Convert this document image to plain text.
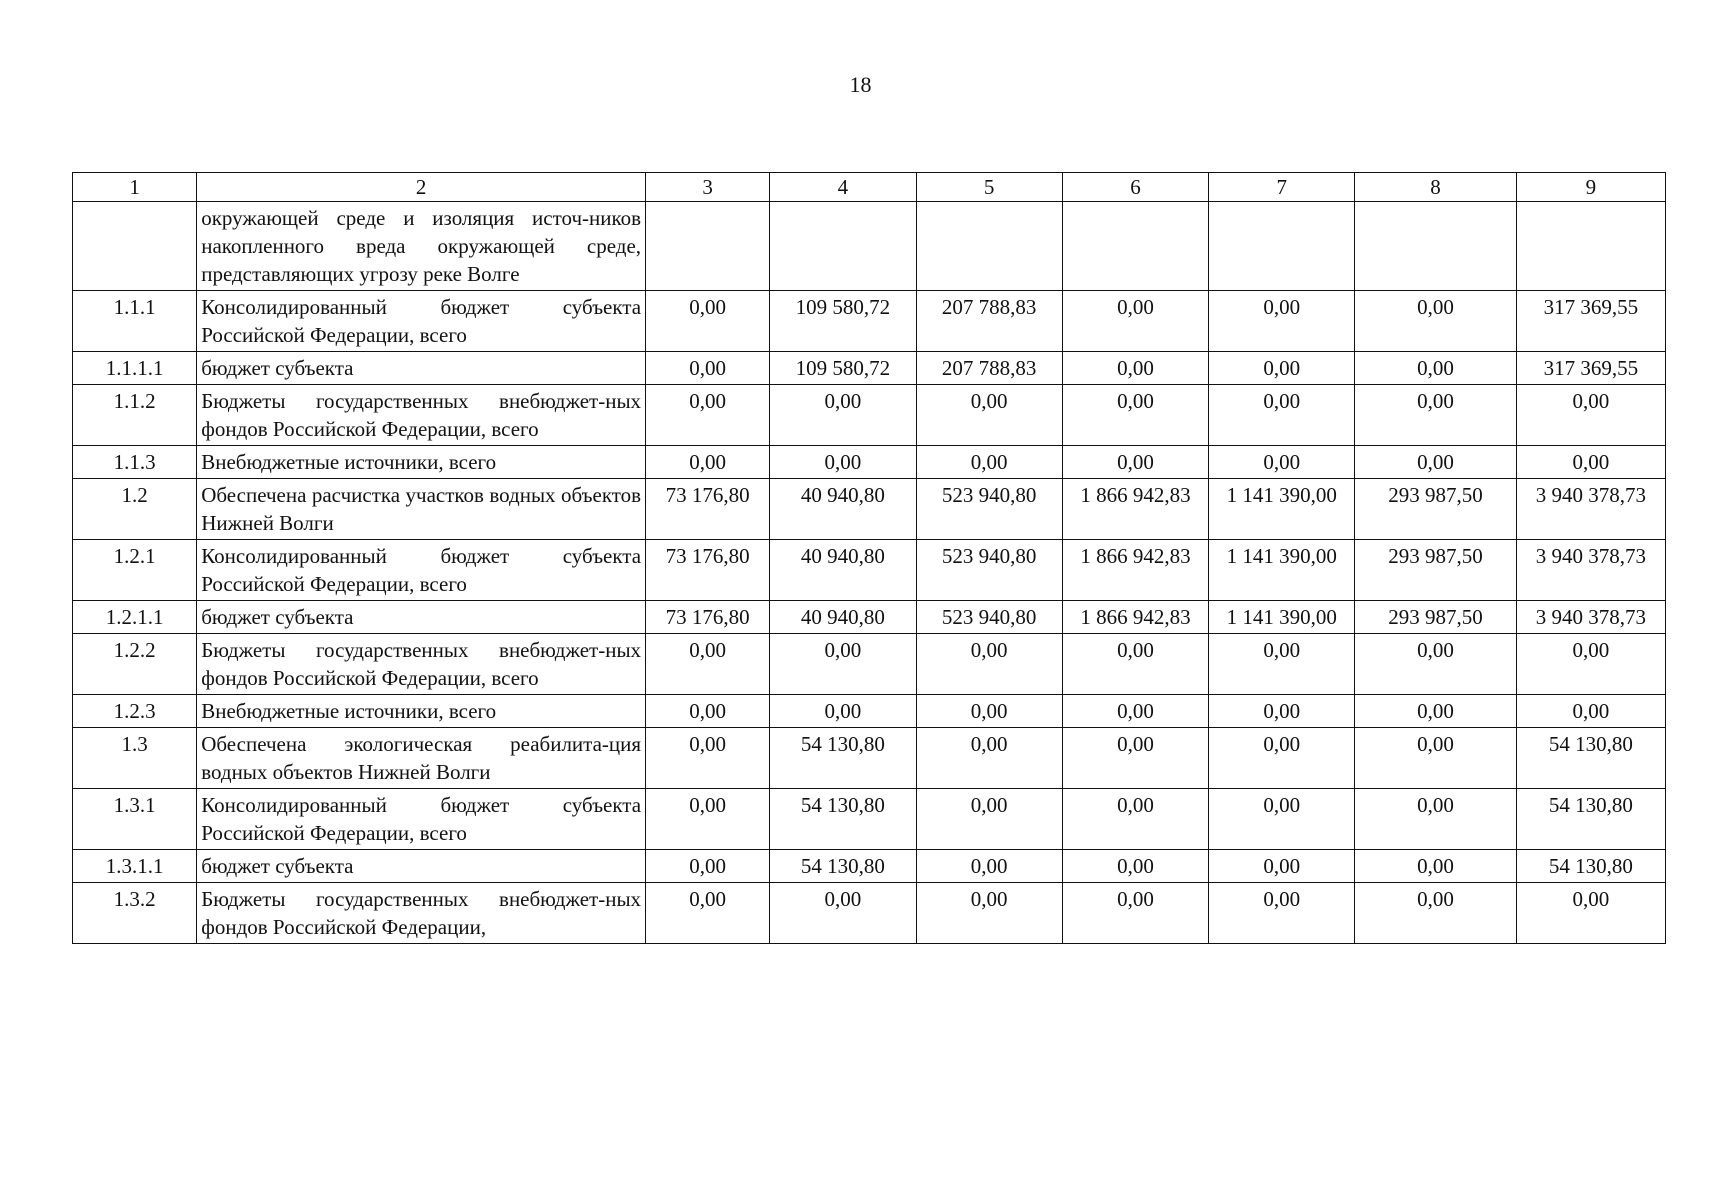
18
1	2	3	4	5	6	7	8	9
	окружающей среде и изоляция источ-ников накопленного вреда окружающей среде, представляющих угрозу реке Волге							
1.1.1	Консолидированный бюджет субъекта Российской Федерации, всего	0,00	109 580,72	207 788,83	0,00	0,00	0,00	317 369,55
1.1.1.1	бюджет субъекта	0,00	109 580,72	207 788,83	0,00	0,00	0,00	317 369,55
1.1.2	Бюджеты государственных внебюджет-ных фондов Российской Федерации, всего	0,00	0,00	0,00	0,00	0,00	0,00	0,00
1.1.3	Внебюджетные источники, всего	0,00	0,00	0,00	0,00	0,00	0,00	0,00
1.2	Обеспечена расчистка участков водных объектов Нижней Волги	73 176,80	40 940,80	523 940,80	1 866 942,83	1 141 390,00	293 987,50	3 940 378,73
1.2.1	Консолидированный бюджет субъекта Российской Федерации, всего	73 176,80	40 940,80	523 940,80	1 866 942,83	1 141 390,00	293 987,50	3 940 378,73
1.2.1.1	бюджет субъекта	73 176,80	40 940,80	523 940,80	1 866 942,83	1 141 390,00	293 987,50	3 940 378,73
1.2.2	Бюджеты государственных внебюджет-ных фондов Российской Федерации, всего	0,00	0,00	0,00	0,00	0,00	0,00	0,00
1.2.3	Внебюджетные источники, всего	0,00	0,00	0,00	0,00	0,00	0,00	0,00
1.3	Обеспечена экологическая реабилита-ция водных объектов Нижней Волги	0,00	54 130,80	0,00	0,00	0,00	0,00	54 130,80
1.3.1	Консолидированный бюджет субъекта Российской Федерации, всего	0,00	54 130,80	0,00	0,00	0,00	0,00	54 130,80
1.3.1.1	бюджет субъекта	0,00	54 130,80	0,00	0,00	0,00	0,00	54 130,80
1.3.2	Бюджеты государственных внебюджет-ных фондов Российской Федерации,	0,00	0,00	0,00	0,00	0,00	0,00	0,00
